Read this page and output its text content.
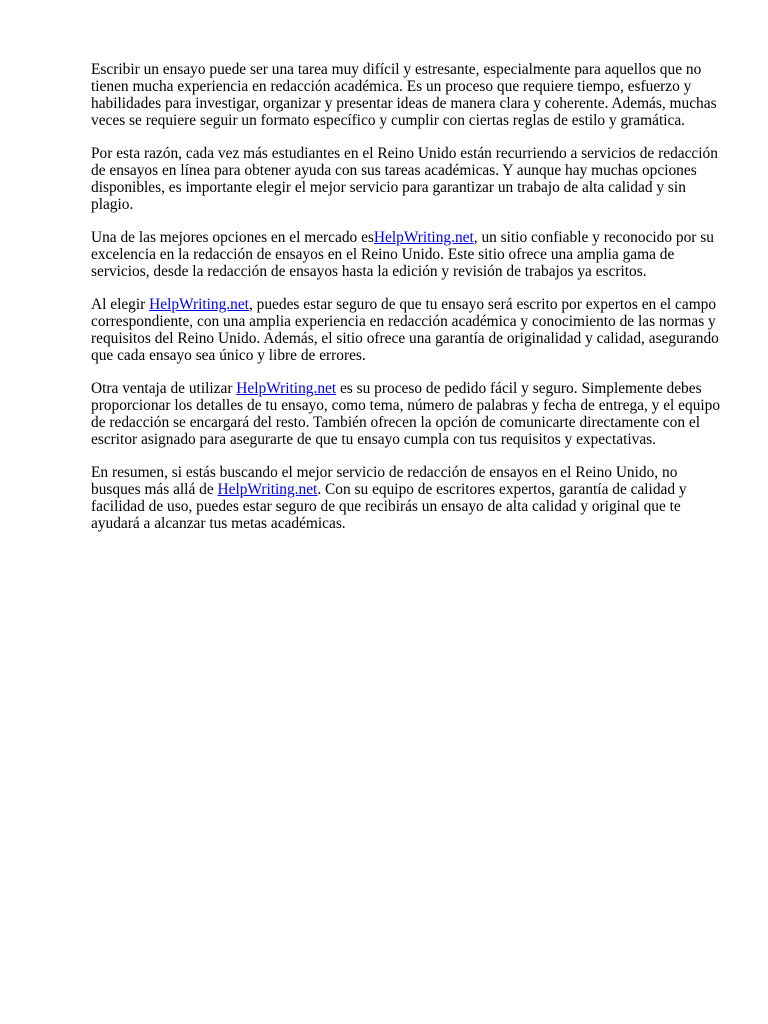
Escribir un ensayo puede ser una tarea muy difícil y estresante, especialmente para aquellos que no tienen mucha experiencia en redacción académica. Es un proceso que requiere tiempo, esfuerzo y habilidades para investigar, organizar y presentar ideas de manera clara y coherente. Además, muchas veces se requiere seguir un formato específico y cumplir con ciertas reglas de estilo y gramática.

Por esta razón, cada vez más estudiantes en el Reino Unido están recurriendo a servicios de redacción de ensayos en línea para obtener ayuda con sus tareas académicas. Y aunque hay muchas opciones disponibles, es importante elegir el mejor servicio para garantizar un trabajo de alta calidad y sin plagio.

Una de las mejores opciones en el mercado esHelpWriting.net, un sitio confiable y reconocido por su excelencia en la redacción de ensayos en el Reino Unido. Este sitio ofrece una amplia gama de servicios, desde la redacción de ensayos hasta la edición y revisión de trabajos ya escritos.

Al elegir HelpWriting.net, puedes estar seguro de que tu ensayo será escrito por expertos en el campo correspondiente, con una amplia experiencia en redacción académica y conocimiento de las normas y requisitos del Reino Unido. Además, el sitio ofrece una garantía de originalidad y calidad, asegurando que cada ensayo sea único y libre de errores.

Otra ventaja de utilizar HelpWriting.net es su proceso de pedido fácil y seguro. Simplemente debes proporcionar los detalles de tu ensayo, como tema, número de palabras y fecha de entrega, y el equipo de redacción se encargará del resto. También ofrecen la opción de comunicarte directamente con el escritor asignado para asegurarte de que tu ensayo cumpla con tus requisitos y expectativas.

En resumen, si estás buscando el mejor servicio de redacción de ensayos en el Reino Unido, no busques más allá de HelpWriting.net. Con su equipo de escritores expertos, garantía de calidad y facilidad de uso, puedes estar seguro de que recibirás un ensayo de alta calidad y original que te ayudará a alcanzar tus metas académicas.
